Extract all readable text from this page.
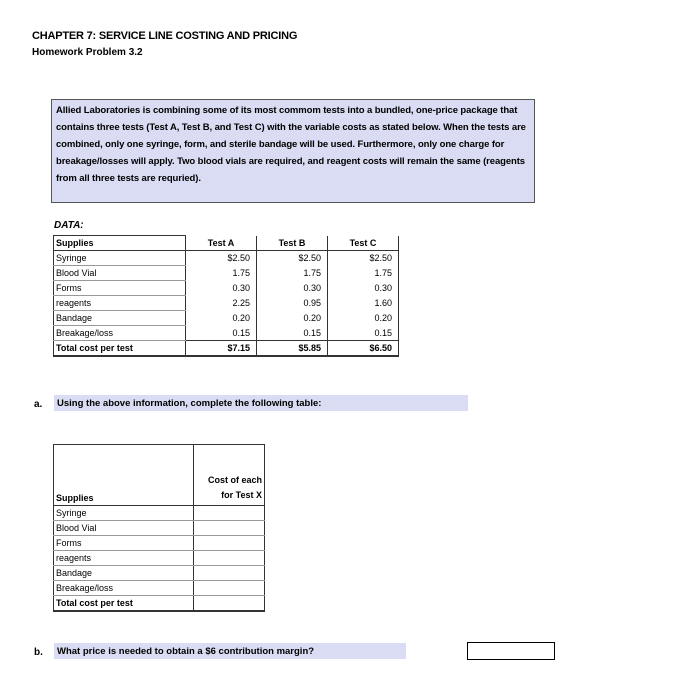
CHAPTER 7: SERVICE LINE COSTING AND PRICING
Homework Problem 3.2
Allied Laboratories is combining some of its most commom tests into a bundled, one-price package that contains three tests (Test A, Test B, and Test C) with the variable costs as stated below. When the tests are combined, only one syringe, form, and sterile bandage will be used. Furthermore, only one charge for breakage/losses will apply. Two blood vials are required, and reagent costs will remain the same (reagents from all three tests are requried).
DATA:
Supplies	Test A	Test B	Test C
Syringe	$2.50	$2.50	$2.50
Blood Vial	1.75	1.75	1.75
Forms	0.30	0.30	0.30
reagents	2.25	0.95	1.60
Bandage	0.20	0.20	0.20
Breakage/loss	0.15	0.15	0.15
Total cost per test	$7.15	$5.85	$6.50
a. Using the above information, complete the following table:
Supplies	Cost of each
for Test X
Syringe	
Blood Vial	
Forms	
reagents	
Bandage	
Breakage/loss	
Total cost per test	
b. What price is needed to obtain a $6 contribution margin?
